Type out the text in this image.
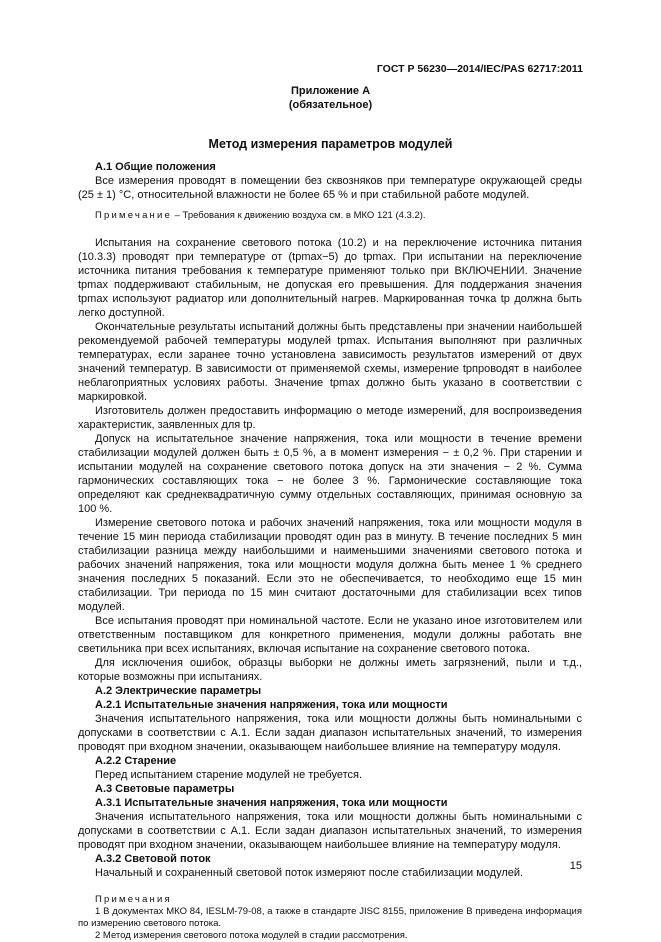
ГОСТ Р 56230—2014/IEC/PAS 62717:2011
Приложение А
(обязательное)
Метод измерения параметров модулей

А.1 Общие положения

Все измерения проводят в помещении без сквозняков при температуре окружающей среды (25 ± 1) °С, относительной влажности не более 65 % и при стабильной работе модулей.

Примечание – Требования к движению воздуха см. в МКО 121 (4.3.2).

Испытания на сохранение светового потока (10.2) и на переключение источника питания (10.3.3) проводят при температуре от (tpmax−5) до tpmax. При испытании на переключение источника питания требования к температуре применяют только при ВКЛЮЧЕНИИ. Значение tpmax поддерживают стабильным, не допуская его превышения. Для поддержания значения tpmax используют радиатор или дополнительный нагрев. Маркированная точка tp должна быть легко доступной.

Окончательные результаты испытаний должны быть представлены при значении наибольшей рекомендуемой рабочей температуры модулей tpmax. Испытания выполняют при различных температурах, если заранее точно установлена зависимость результатов измерений от двух значений температур. В зависимости от применяемой схемы, измерение tpпроводят в наиболее неблагоприятных условиях работы. Значение tpmax должно быть указано в соответствии с маркировкой.

Изготовитель должен предоставить информацию о методе измерений, для воспроизведения характеристик, заявленных для tp.

Допуск на испытательное значение напряжения, тока или мощности в течение времени стабилизации модулей должен быть ± 0,5 %, а в момент измерения − ± 0,2 %. При старении и испытании модулей на сохранение светового потока допуск на эти значения − 2 %. Сумма гармонических составляющих тока − не более 3 %. Гармонические составляющие тока определяют как среднеквадратичную сумму отдельных составляющих, принимая основную за 100 %.

Измерение светового потока и рабочих значений напряжения, тока или мощности модуля в течение 15 мин периода стабилизации проводят один раз в минуту. В течение последних 5 мин стабилизации разница между наибольшими и наименьшими значениями светового потока и рабочих значений напряжения, тока или мощности модуля должна быть менее 1 % среднего значения последних 5 показаний. Если это не обеспечивается, то необходимо еще 15 мин стабилизации. Три периода по 15 мин считают достаточными для стабилизации всех типов модулей.

Все испытания проводят при номинальной частоте. Если не указано иное изготовителем или ответственным поставщиком для конкретного применения, модули должны работать вне светильника при всех испытаниях, включая испытание на сохранение светового потока.

Для исключения ошибок, образцы выборки не должны иметь загрязнений, пыли и т.д., которые возможны при испытаниях.

А.2 Электрические параметры

А.2.1 Испытательные значения напряжения, тока или мощности

Значения испытательного напряжения, тока или мощности должны быть номинальными с допусками в соответствии с А.1. Если задан диапазон испытательных значений, то измерения проводят при входном значении, оказывающем наибольшее влияние на температуру модуля.

А.2.2 Старение

Перед испытанием старение модулей не требуется.

А.3 Световые параметры

А.3.1 Испытательные значения напряжения, тока или мощности

Значения испытательного напряжения, тока или мощности должны быть номинальными с допусками в соответствии с А.1. Если задан диапазон испытательных значений, то измерения проводят при входном значении, оказывающем наибольшее влияние на температуру модуля.

А.3.2 Световой поток

Начальный и сохраненный световой поток измеряют после стабилизации модулей.

Примечания

1 В документах МКО 84, IESLM-79-08, а также в стандарте JISC 8155, приложение В приведена информация по измерению светового потока.

2 Метод измерения светового потока модулей в стадии рассмотрения.

15
